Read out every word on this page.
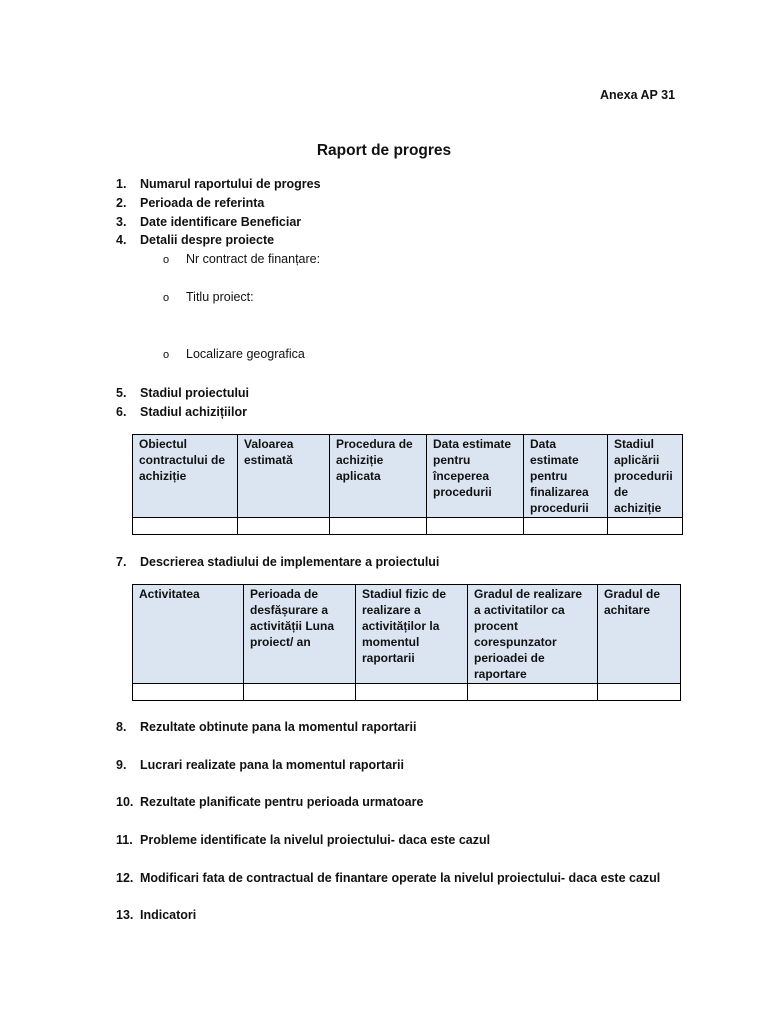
Anexa AP 31
Raport de progres
1. Numarul raportului de progres
2. Perioada de referinta
3. Date identificare Beneficiar
4. Detalii despre proiecte
o Nr contract de finanțare:
o Titlu proiect:
o Localizare geografica
5. Stadiul proiectului
6. Stadiul achizițiilor
Obiectul contractului de achiziție	Valoarea estimată	Procedura de achiziție aplicata	Data estimate pentru începerea procedurii	Data estimate pentru finalizarea procedurii	Stadiul aplicării procedurii de achiziție

7. Descrierea stadiului de implementare a proiectului
Activitatea	Perioada de desfășurare a activității Luna proiect/ an	Stadiul fizic de realizare a activităților la momentul raportarii	Gradul de realizare a activitatilor ca procent corespunzator perioadei de raportare	Gradul de achitare

8. Rezultate obtinute pana la momentul raportarii
9. Lucrari realizate pana la momentul raportarii
10. Rezultate planificate pentru perioada urmatoare
11. Probleme identificate la nivelul proiectului- daca este cazul
12. Modificari fata de contractual de finantare operate la nivelul proiectului- daca este cazul
13. Indicatori
